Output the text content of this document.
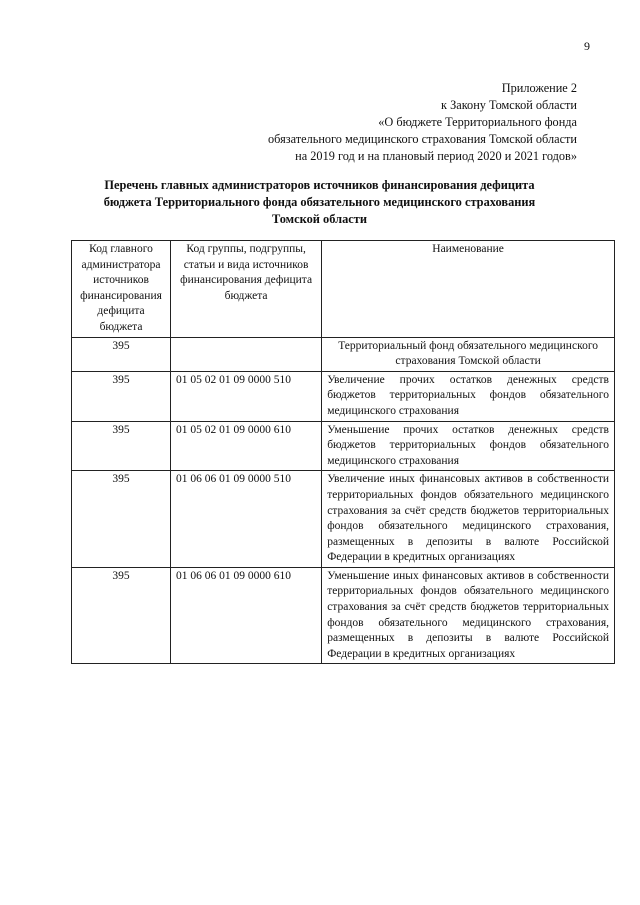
9
Приложение 2
к Закону Томской области
«О бюджете Территориального фонда
обязательного медицинского страхования Томской области
на 2019 год и на плановый период 2020 и 2021 годов»
Перечень главных администраторов источников финансирования дефицита
бюджета Территориального фонда обязательного медицинского страхования
Томской области
Код главного администратора источников финансирования дефицита бюджета	Код группы, подгруппы, статьи и вида источников финансирования дефицита бюджета	Наименование
395		Территориальный фонд обязательного медицинского страхования Томской области
395	01 05 02 01 09 0000 510	Увеличение прочих остатков денежных средств бюджетов территориальных фондов обязательного медицинского страхования
395	01 05 02 01 09 0000 610	Уменьшение прочих остатков денежных средств бюджетов территориальных фондов обязательного медицинского страхования
395	01 06 06 01 09 0000 510	Увеличение иных финансовых активов в собственности территориальных фондов обязательного медицинского страхования за счёт средств бюджетов территориальных фондов обязательного медицинского страхования, размещенных в депозиты в валюте Российской Федерации в кредитных организациях
395	01 06 06 01 09 0000 610	Уменьшение иных финансовых активов в собственности территориальных фондов обязательного медицинского страхования за счёт средств бюджетов территориальных фондов обязательного медицинского страхования, размещенных в депозиты в валюте Российской Федерации в кредитных организациях
